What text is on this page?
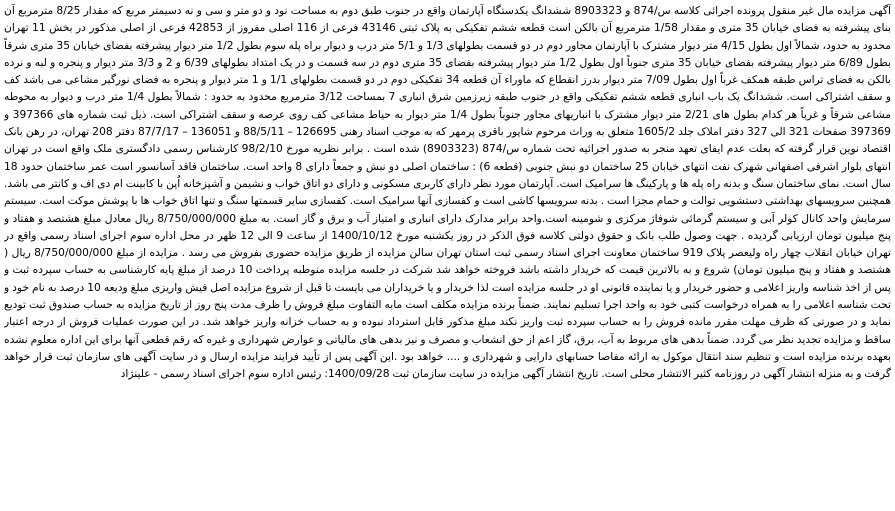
آگهی مزایده مال غیر منقول پرونده اجرائی کلاسه س/874 و 8903323 ششدانگ یکدستگاه آپارتمان واقع در جنوب طبق دوم به مساحت نود و دو متر و سی و نه دسیمتر مربع که مقدار 8/25 مترمربع آن بنای پیشرفته به فضای خیابان 35 متری و مقدار 1/58 مترمربع آن بالکن است قطعه ششم تفکیکی به پلاک ثبتی 43146 فرعی از 116 اصلی مفروز از 42853 فرعی از اصلی مذکور در بخش 11 تهران محدود به حدود، شمالاً اول بطول 4/15 متر دیوار مشترک با آپارتمان مجاور دوم در دو قسمت بطولهای 1/3 و 5/1 متر درب و دیوار براه پله سوم بطول 1/2 متر دیوار پیشرفته بفضای خیابان 35 متری شرقاً بطول 6/89 متر دیوار پیشرفته بفضای خیابان 35 متری جنوباً اول بطول 1/2 متر دیوار پیشرفته بفضای 35 متری دوم در سه قسمت و در یک امتداد بطولهای 6/39 و 2 و 3/3 متر دیوار و پنجره و لبه و نرده بالکن به فضای تراس طبقه همکف غرباً اول بطول 7/09 متر دیوار بدرز انقطاع که ماوراء آن قطعه 34 تفکیکی دوم در دو قسمت بطولهای 1/1 و 1 متر دیوار و پنجره به فضای نورگیر مشاعی می باشد کف و سقف اشتراکی است. ششدانگ یک باب انباری قطعه ششم تفکیکی واقع در جنوب طبقه زیرزمین شرق انباری 7 بمساحت 3/12 مترمربع محدود به حدود : شمالاً بطول 1/4 متر درب و دیوار به محوطه مشاعی شرقاً و غرباً هر کدام بطول های 2/21 متر دیوار مشترک با انباریهای مجاور جنوباً بطول 1/4 متر دیوار به حیاط مشاعی کف روی عرصه و سقف اشتراکی است. ذیل ثبت شماره های 397366 و 397369 صفحات 321 الی 327 دفتر املاک جلد 1605/2 متعلق به وراث مرحوم شاپور باقری پرمهر که به موجب اسناد رهنی 126695 – 88/5/11 و 136051 – 87/7/17 دفتر 208 تهران، در رهن بانک اقتصاد نوین قرار گرفته که بعلت عدم ایفای تعهد منجر به صدور اجرائیه تحت شماره س/874 (8903323) شده است . برابر نظریه مورخ 98/2/10 کارشناس رسمی دادگستری ملک واقع است در تهران انتهای بلوار اشرفی اصفهانی شهرک نفت انتهای خیابان 25 ساختمان دو نبش جنوبی (قطعه 6) : ساختمان اصلی دو نبش و جمعاً دارای 8 واحد است. ساختمان فاقد آسانسور است عمر ساختمان حدود 18 سال است. نمای ساختمان سنگ و بدنه راه پله ها و پارکینگ ها سرامیک است. آپارتمان مورد نظر دارای کاربری مسکونی و دارای دو اتاق خواب و نشیمن و آشپزخانه اُپن با کابینت ام دی اف و کانتر می باشد. همچنین سرویسهای بهداشتی دستشویی توالت و حمام مجزا است . بدنه سرویسها کاشی است و کفسازی آنها سرامیک است. کفسازی سایر قسمتها سنگ و تنها اتاق خواب ها با پوشش موکت است. سیستم سرمایش واحد کانال کولر آبی و سیستم گرمائی شوفاژ مرکزی و شومینه است.واحد برابر مدارک دارای انباری و امتیاز آب و برق و گاز است. به مبلغ 8/750/000/000 ریال معادل مبلغ هشتصد و هفتاد و پنج میلیون تومان ارزیابی گردیده . جهت وصول طلب بانک و حقوق دولتی کلاسه فوق الذکر در روز یکشنبه مورخ 1400/10/12 از ساعت 9 الی 12 ظهر در محل اداره سوم اجرای اسناد رسمی واقع در تهران خیابان انقلاب چهار راه ولیعصر پلاک 919 ساختمان معاونت اجرای اسناد رسمی ثبت استان تهران سالن مزایده از طریق مزایده حضوری بفروش می رسد . مزایده از مبلغ 8/750/000/000 ریال ( هشتصد و هفتاد و پنج میلیون تومان) شروع و به بالاترین قیمت که خریدار داشته باشد فروخته خواهد شد شرکت در جلسه مزایده منوطبه پرداخت 10 درصد از مبلغ پایه کارشناسی به حساب سپرده ثبت و پس از اخذ شناسه واریز اعلامی و حضور خریدار و یا نماینده قانونی او در جلسه مزایده است لذا خریدار و یا خریداران می بایست تا قبل از شروع مزایده اصل فیش واریزی مبلغ ودیعه 10 درصد به نام خود و تحت شناسه اعلامی را به همراه درخواست کتبی خود به واحد اجرا تسلیم نمایند. ضمناً برنده مزایده مکلف است مابه التفاوت مبلغ فروش را ظرف مدت پنج روز از تاریخ مزایده به حساب صندوق ثبت تودیع نماید و در صورتی که ظرف مهلت مقرر مانده فروش را به حساب سپرده ثبت واریز نکند مبلغ مذکور قابل استرداد نبوده و به حساب خزانه واریز خواهد شد. در این صورت عملیات فروش از درجه اعتبار ساقط و مزایده تجدید نظر می گردد. ضمناً بدهی های مربوط به آب، برق، گاز اعم از حق انشعاب و مصرف و نیز بدهی های مالیاتی و عوارض شهرداری و غیره که رقم قطعی آنها برای این اداره معلوم نشده بعهده برنده مزایده است و تنظیم سند انتقال موکول به ارائه مفاصا حسابهای دارایی و شهرداری و .... خواهد بود .این آگهی پس از تأیید فرایند مزایده ارسال و در سایت آگهی های سازمان ثبت قرار خواهد گرفت و به منزله انتشار آگهی در روزنامه کثیر الانتشار محلی است. تاریخ انتشار آگهی مزایده در سایت سازمان ثبت 1400/09/28: رئیس اداره سوم اجرای اسناد رسمی - علینژاد
